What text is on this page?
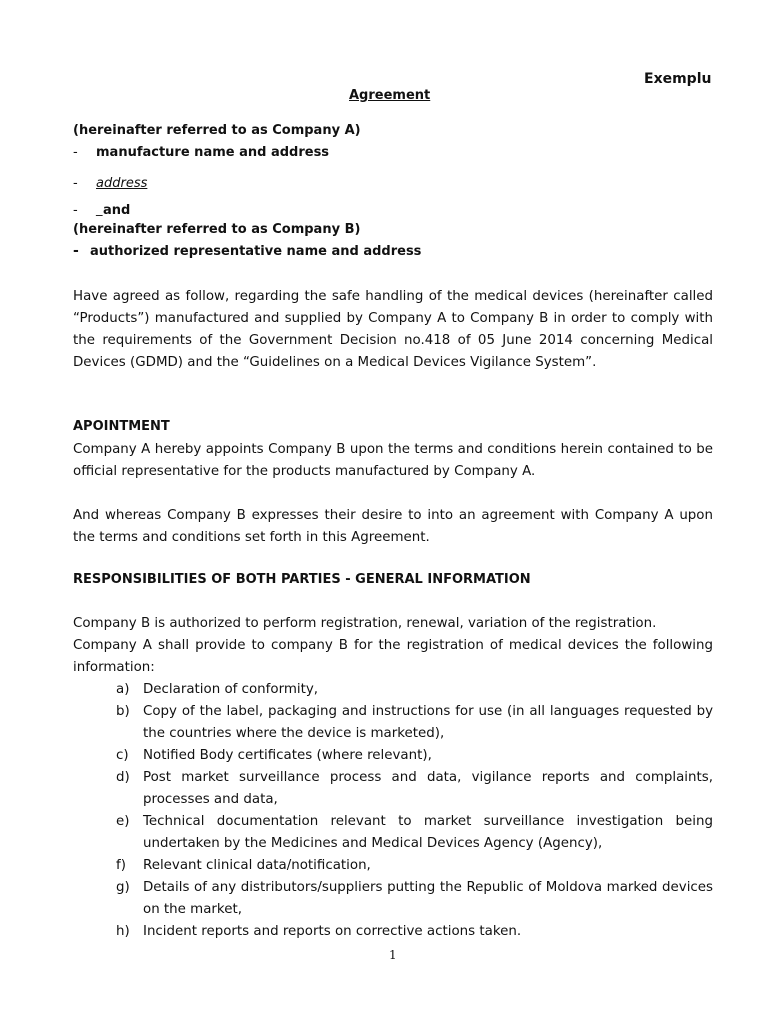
Exemplu
Agreement
(hereinafter referred to as Company A)
- manufacture name and address
- address
- _ and
(hereinafter referred to as Company B)
- authorized representative name and address
Have agreed as follow, regarding the safe handling of the medical devices (hereinafter called “Products”) manufactured and supplied by Company A to Company B in order to comply with the requirements of the Government Decision no.418 of 05 June 2014 concerning Medical Devices (GDMD) and the “Guidelines on a Medical Devices Vigilance System”.
APOINTMENT
Company A hereby appoints Company B upon the terms and conditions herein contained to be official representative for the products manufactured by Company A.
And whereas Company B expresses their desire to into an agreement with Company A upon the terms and conditions set forth in this Agreement.
RESPONSIBILITIES OF BOTH PARTIES - GENERAL INFORMATION
Company B is authorized to perform registration, renewal, variation of the registration.
Company A shall provide to company B for the registration of medical devices the following information:
a)	Declaration of conformity,
b) Copy of the label, packaging and instructions for use (in all languages requested by the countries where the device is marketed),
c)	Notified Body certificates (where relevant),
d) Post market surveillance process and data, vigilance reports and complaints, processes and data,
e)	Technical documentation relevant to market surveillance investigation being undertaken by the Medicines and Medical Devices Agency (Agency),
f)	Relevant clinical data/notification,
g) Details of any distributors/suppliers putting the Republic of Moldova marked devices on the market,
h) Incident reports and reports on corrective actions taken.
1
